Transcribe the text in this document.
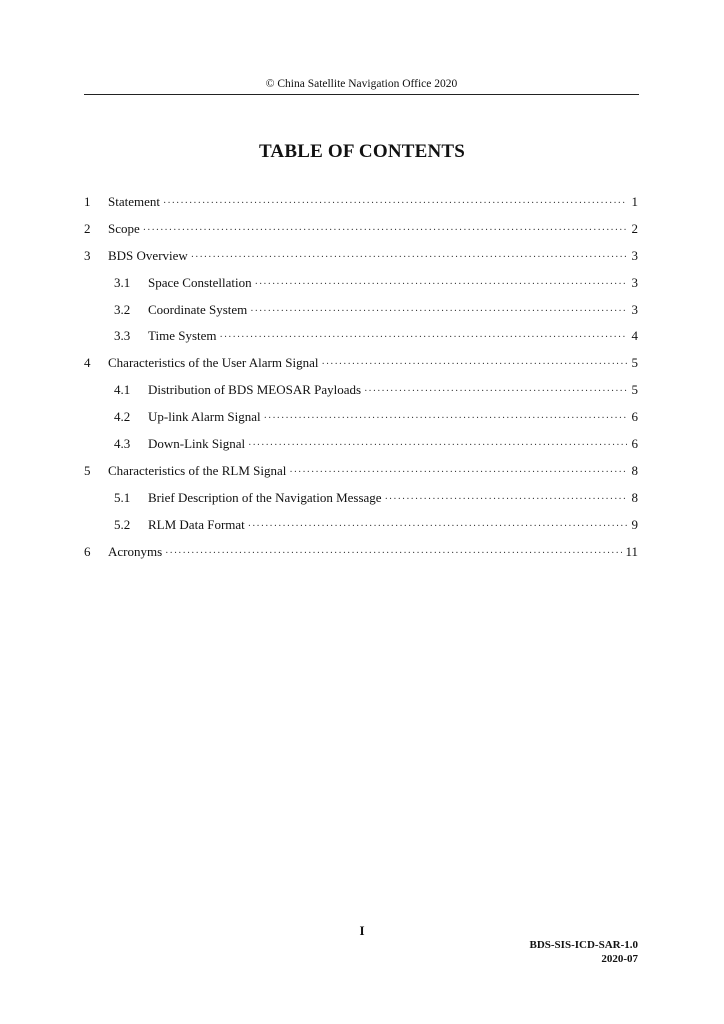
© China Satellite Navigation Office 2020
TABLE OF CONTENTS
1	Statement ·····	1
2	Scope ·····	2
3	BDS Overview ·····	3
3.1	Space Constellation ·····	3
3.2	Coordinate System ·····	3
3.3	Time System ·····	4
4	Characteristics of the User Alarm Signal ·····	5
4.1	Distribution of BDS MEOSAR Payloads ·····	5
4.2	Up-link Alarm Signal ·····	6
4.3	Down-Link Signal ·····	6
5	Characteristics of the RLM Signal ·····	8
5.1	Brief Description of the Navigation Message ·····	8
5.2	RLM Data Format ·····	9
6	Acronyms ·····	11
I
BDS-SIS-ICD-SAR-1.0
2020-07
